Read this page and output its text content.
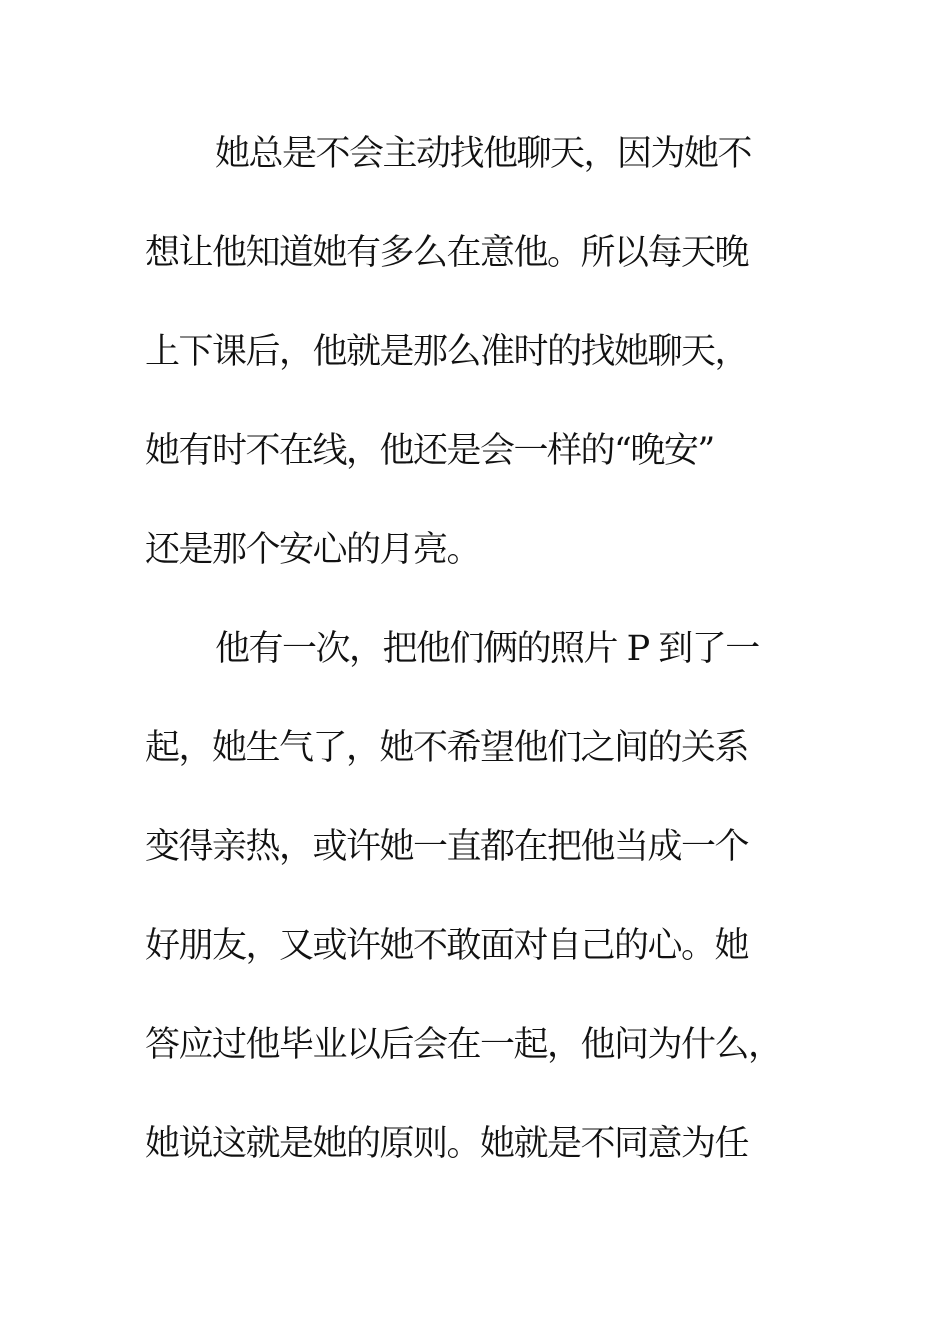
她总是不会主动找他聊天，因为她不
想让他知道她有多么在意他。所以每天晚
上下课后，他就是那么准时的找她聊天，
她有时不在线，他还是会一样的“晚安”
还是那个安心的月亮。
他有一次，把他们俩的照片 P 到了一
起，她生气了，她不希望他们之间的关系
变得亲热，或许她一直都在把他当成一个
好朋友，又或许她不敢面对自己的心。她
答应过他毕业以后会在一起，他问为什么，
她说这就是她的原则。她就是不同意为任
